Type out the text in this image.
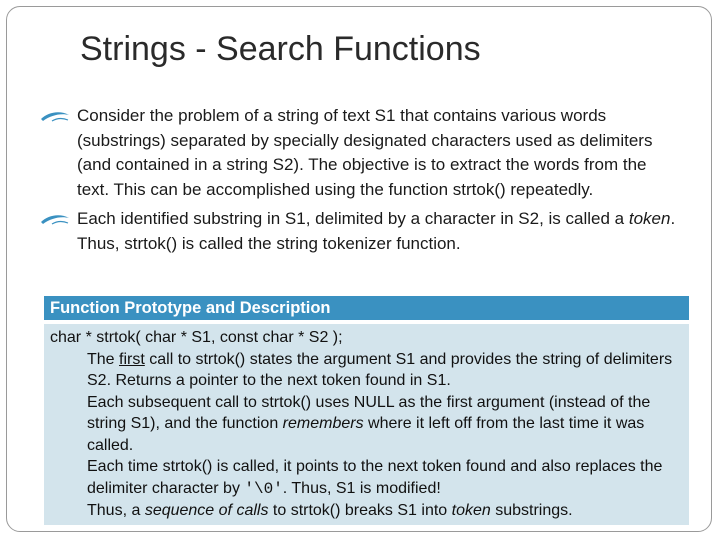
Strings - Search Functions
Consider the problem of a string of text S1 that contains various words (substrings) separated by specially designated characters used as delimiters (and contained in a string S2). The objective is to extract the words from the text. This can be accomplished using the function strtok() repeatedly.
Each identified substring in S1, delimited by a character in S2, is called a token. Thus, strtok() is called the string tokenizer function.
Function Prototype and Description
char * strtok( char * S1, const char * S2 );
The first call to strtok() states the argument S1 and provides the string of delimiters S2. Returns a pointer to the next token found in S1.
Each subsequent call to strtok() uses NULL as the first argument (instead of the string S1), and the function remembers where it left off from the last time it was called.
Each time strtok() is called, it points to the next token found and also replaces the delimiter character by '\0'. Thus, S1 is modified!
Thus, a sequence of calls to strtok() breaks S1 into token substrings.
